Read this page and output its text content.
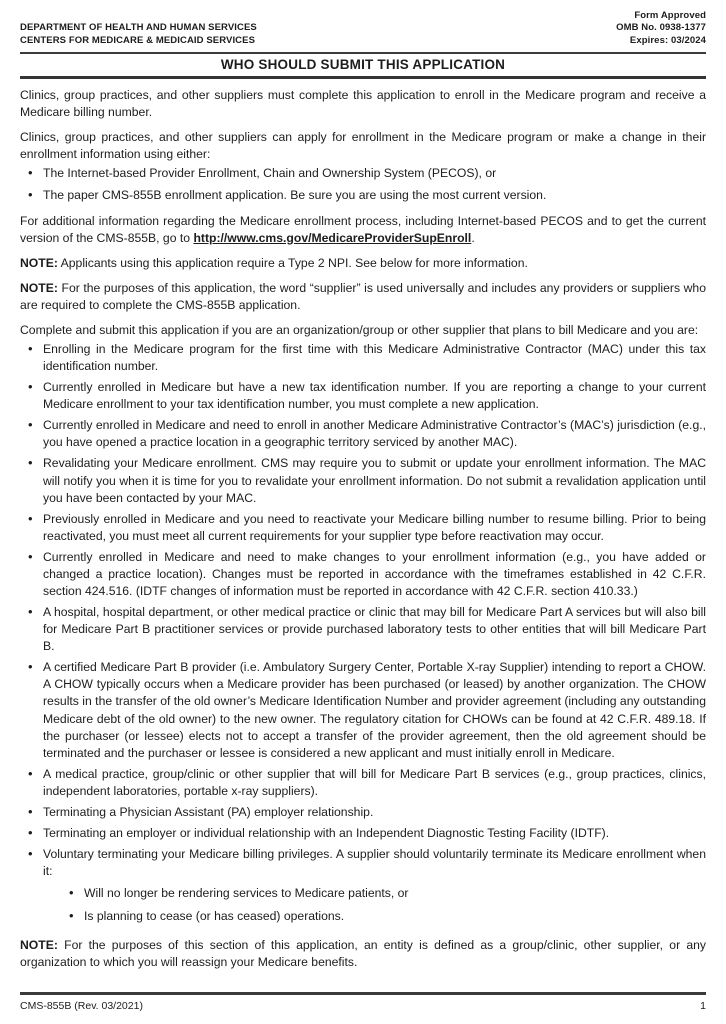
DEPARTMENT OF HEALTH AND HUMAN SERVICES
CENTERS FOR MEDICARE & MEDICAID SERVICES
Form Approved
OMB No. 0938-1377
Expires: 03/2024
WHO SHOULD SUBMIT THIS APPLICATION

Clinics, group practices, and other suppliers must complete this application to enroll in the Medicare program and receive a Medicare billing number.

Clinics, group practices, and other suppliers can apply for enrollment in the Medicare program or make a change in their enrollment information using either:

• The Internet-based Provider Enrollment, Chain and Ownership System (PECOS), or
• The paper CMS-855B enrollment application. Be sure you are using the most current version.

For additional information regarding the Medicare enrollment process, including Internet-based PECOS and to get the current version of the CMS-855B, go to http://www.cms.gov/MedicareProviderSupEnroll.

NOTE: Applicants using this application require a Type 2 NPI. See below for more information.

NOTE: For the purposes of this application, the word “supplier” is used universally and includes any providers or suppliers who are required to complete the CMS-855B application.

Complete and submit this application if you are an organization/group or other supplier that plans to bill Medicare and you are:

• Enrolling in the Medicare program for the first time with this Medicare Administrative Contractor (MAC) under this tax identification number.
• Currently enrolled in Medicare but have a new tax identification number. If you are reporting a change to your current Medicare enrollment to your tax identification number, you must complete a new application.
• Currently enrolled in Medicare and need to enroll in another Medicare Administrative Contractor’s (MAC’s) jurisdiction (e.g., you have opened a practice location in a geographic territory serviced by another MAC).
• Revalidating your Medicare enrollment. CMS may require you to submit or update your enrollment information. The MAC will notify you when it is time for you to revalidate your enrollment information. Do not submit a revalidation application until you have been contacted by your MAC.
• Previously enrolled in Medicare and you need to reactivate your Medicare billing number to resume billing. Prior to being reactivated, you must meet all current requirements for your supplier type before reactivation may occur.
• Currently enrolled in Medicare and need to make changes to your enrollment information (e.g., you have added or changed a practice location). Changes must be reported in accordance with the timeframes established in 42 C.F.R. section 424.516. (IDTF changes of information must be reported in accordance with 42 C.F.R. section 410.33.)
• A hospital, hospital department, or other medical practice or clinic that may bill for Medicare Part A services but will also bill for Medicare Part B practitioner services or provide purchased laboratory tests to other entities that will bill Medicare Part B.
• A certified Medicare Part B provider (i.e. Ambulatory Surgery Center, Portable X-ray Supplier) intending to report a CHOW. A CHOW typically occurs when a Medicare provider has been purchased (or leased) by another organization. The CHOW results in the transfer of the old owner’s Medicare Identification Number and provider agreement (including any outstanding Medicare debt of the old owner) to the new owner. The regulatory citation for CHOWs can be found at 42 C.F.R. 489.18. If the purchaser (or lessee) elects not to accept a transfer of the provider agreement, then the old agreement should be terminated and the purchaser or lessee is considered a new applicant and must initially enroll in Medicare.
• A medical practice, group/clinic or other supplier that will bill for Medicare Part B services (e.g., group practices, clinics, independent laboratories, portable x-ray suppliers).
• Terminating a Physician Assistant (PA) employer relationship.
• Terminating an employer or individual relationship with an Independent Diagnostic Testing Facility (IDTF).
• Voluntary terminating your Medicare billing privileges. A supplier should voluntarily terminate its Medicare enrollment when it:
• Will no longer be rendering services to Medicare patients, or
• Is planning to cease (or has ceased) operations.

NOTE: For the purposes of this section of this application, an entity is defined as a group/clinic, other supplier, or any organization to which you will reassign your Medicare benefits.

CMS-855B (Rev. 03/2021)	1
